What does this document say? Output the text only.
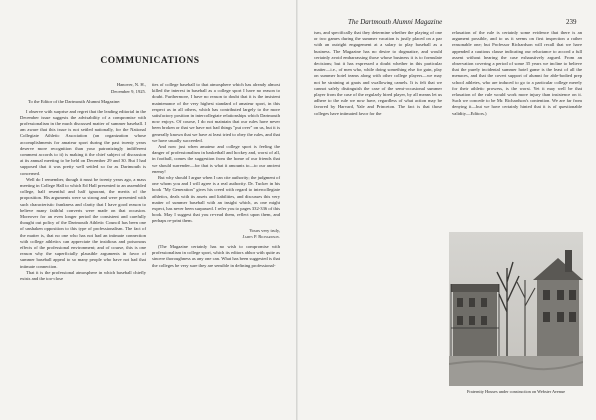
COMMUNICATIONS
Hanover, N. H.,
December 9, 1925.

To the Editor of the Dartmouth Alumni Magazine:

I observe with surprise and regret that the leading editorial in the December issue suggests the advisability of a compromise with professionalism in the much discussed matter of summer baseball. I am aware that this issue is not settled nationally, for the National Collegiate Athletic Association (an organization whose accomplishments for amateur sport during the past twenty years deserve more recognition than your patronizingly indifferent comment accords to it) is making it the chief subject of discussion at its annual meeting to be held on December 29 and 30. But I had supposed that it was pretty well settled so far as Dartmouth is concerned.

Well do I remember, though it must be twenty years ago, a mass meeting in College Hall to which Ed Hall presented to an assembled college, half resentful and half ignorant, the merits of the proposition. His arguments were so strong and were presented with such characteristic frankness and clarity that I have good reason to believe many faithful converts were made on that occasion. Moreover for an even longer period the consistent and carefully thought out policy of the Dartmouth Athletic Council has been one of unshaken opposition to this type of professionalism. The fact of the matter is, that no one who has not had an intimate connection with college athletics can appreciate the insidious and poisonous effects of the professional environment; and of course, this is one reason why the superficially plausible arguments in favor of summer baseball appeal to so many people who have not had that intimate connection.

That it is the professional atmosphere in which baseball chiefly exists and the too-close

ties of college baseball to that atmosphere which has already almost killed the interest in baseball as a college sport I have no reason to doubt. Furthermore, I have no reason to doubt that it is the insistent maintenance of the very highest standard of amateur sport, in this respect as in all others, which has contributed largely to the more satisfactory position in intercollegiate relationships which Dartmouth now enjoys. Of course, I do not maintain that our rules have never been broken or that we have not had things "put over" on us, but it is generally known that we have at least tried to obey the rules, and that we have usually succeeded.

And now just when amateur and college sport is feeling the danger of professionalism in basketball and hockey and, worst of all, in football, comes the suggestion from the home of our friends that we should surrender—for that is what it amounts to—to our ancient enemy!

But why should I argue when I can cite authority; the judgment of one whom you and I will agree is a real authority. Dr. Tucker in his book "My Generation" gives his creed with regard to intercollegiate athletics, deals with its assets and liabilities, and discusses this very matter of summer baseball with an insight which, as one might expect, has never been surpassed. I refer you to pages 332-336 of this book. May I suggest that you re-read them, reflect upon them, and perhaps re-print them.

Yours very truly,
James P. Richardson.

(The Magazine certainly has no wish to compromise with professionalism in college sport, which its editors abhor with quite as sincere thoroughness as any one can. What has been suggested is that the colleges be very sure they are sensible in defining professional-

The Dartmouth Alumni Magazine	239

ism, and specifically that they determine whether the playing of one or two games during the summer vacation is justly placed on a par with an outright engagement at a salary to play baseball as a business. The Magazine has no desire to dogmatize, and would certainly avoid embarrassing those whose business it is to formulate decisions; but it has expressed a doubt whether in this particular matter—i.e., of men who, while doing something else for gain, play on summer hotel teams along with other college players—we may not be straining at gnats and swallowing camels. It is felt that we cannot safely distinguish the case of the semi-occasional summer player from the case of the regularly hired player, by all means let us adhere to the rule we now have, regardless of what action may be favored by Harvard, Yale and Princeton. The fact is that those colleges have intimated favor for the

relaxation of the rule is certainly some evidence that there is an argument possible, and to us it seems on first inspection a rather reasonable one; but Professor Richardson will recall that we have appended a cautious clause indicating our reluctance to accord a full assent without hearing the case exhaustively argued. From an observation covering a period of some 35 years we incline to believe that the purely incidental summer hotel game is the least of all the menaces, and that the covert support of alumni for able-bodied prep school athletes, who are induced to go to a particular college merely for their athletic prowess, is the worst. Yet it may well be that relaxation of the rule would work more injury than insistence on it. Such we concede to be Mr. Richardson's contention. We are far from denying it—but we have certainly hinted that it is of questionable validity—Editors.)

Fraternity Houses under construction on Webster Avenue
